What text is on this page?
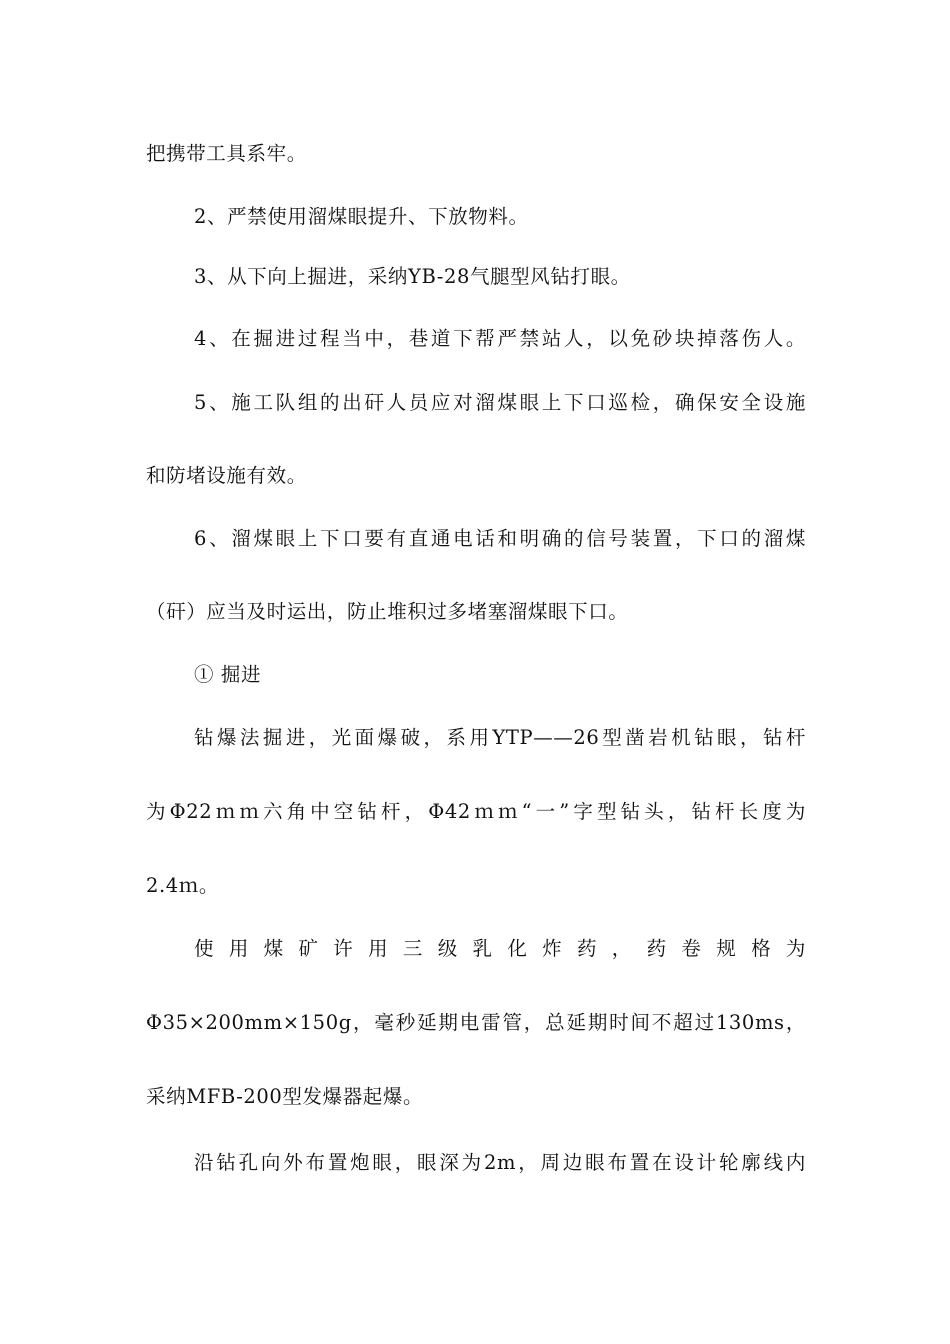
把携带工具系牢。
2、严禁使用溜煤眼提升、下放物料。
3、从下向上掘进，采纳YB-28气腿型风钻打眼。
4、在掘进过程当中，巷道下帮严禁站人，以免砂块掉落伤人。
5、施工队组的出矸人员应对溜煤眼上下口巡检，确保安全设施
和防堵设施有效。
6、溜煤眼上下口要有直通电话和明确的信号装置，下口的溜煤
（矸）应当及时运出，防止堆积过多堵塞溜煤眼下口。
① 掘进
钻爆法掘进，光面爆破，系用YTP——26型凿岩机钻眼，钻杆
为Φ22ｍｍ六角中空钻杆，Φ42ｍｍ“一”字型钻头，钻杆长度为
2.4ｍ。
使用煤矿许用三级乳化炸药，药卷规格为
Φ35×200mm×150g，毫秒延期电雷管，总延期时间不超过130ms，
采纳MFB-200型发爆器起爆。
沿钻孔向外布置炮眼，眼深为2m，周边眼布置在设计轮廓线内
